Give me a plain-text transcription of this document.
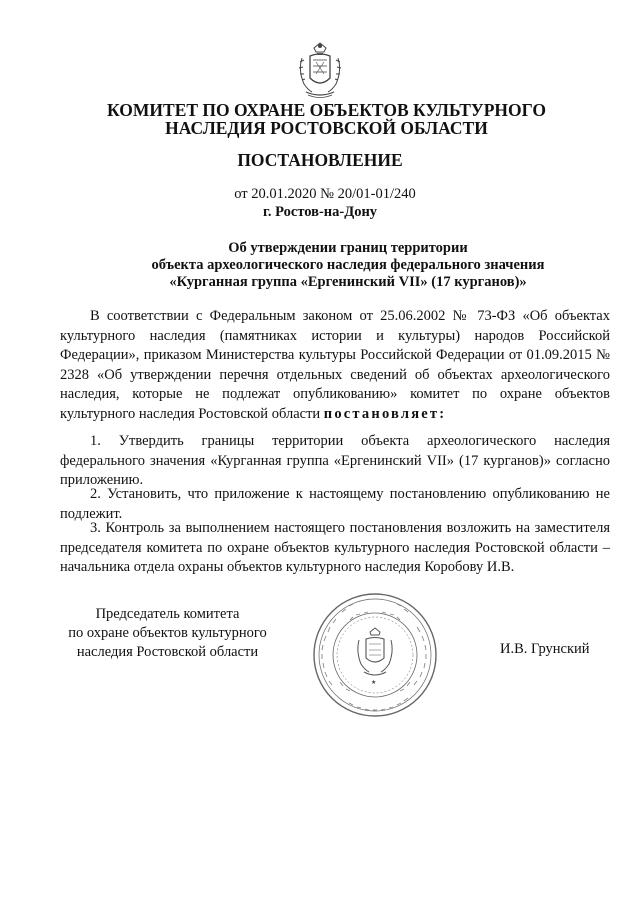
КОМИТЕТ ПО ОХРАНЕ ОБЪЕКТОВ КУЛЬТУРНОГО
НАСЛЕДИЯ РОСТОВСКОЙ ОБЛАСТИ
ПОСТАНОВЛЕНИЕ
от 20.01.2020 № 20/01-01/240
г. Ростов-на-Дону
Об утверждении границ территории
объекта археологического наследия федерального значения
«Курганная группа «Ергенинский VII» (17 курганов)»
В соответствии с Федеральным законом от 25.06.2002 № 73-ФЗ «Об объектах культурного наследия (памятниках истории и культуры) народов Российской Федерации», приказом Министерства культуры Российской Федерации от 01.09.2015 № 2328 «Об утверждении перечня отдельных сведений об объектах археологического наследия, которые не подлежат опубликованию» комитет по охране объектов культурного наследия Ростовской области постановляет:
1. Утвердить границы территории объекта археологического наследия федерального значения «Курганная группа «Ергенинский VII» (17 курганов)» согласно приложению.
2. Установить, что приложение к настоящему постановлению опубликованию не подлежит.
3. Контроль за выполнением настоящего постановления возложить на заместителя председателя комитета по охране объектов культурного наследия Ростовской области – начальника отдела охраны объектов культурного наследия Коробову И.В.
Председатель комитета
по охране объектов культурного
наследия Ростовской области
★
И.В. Грунский
